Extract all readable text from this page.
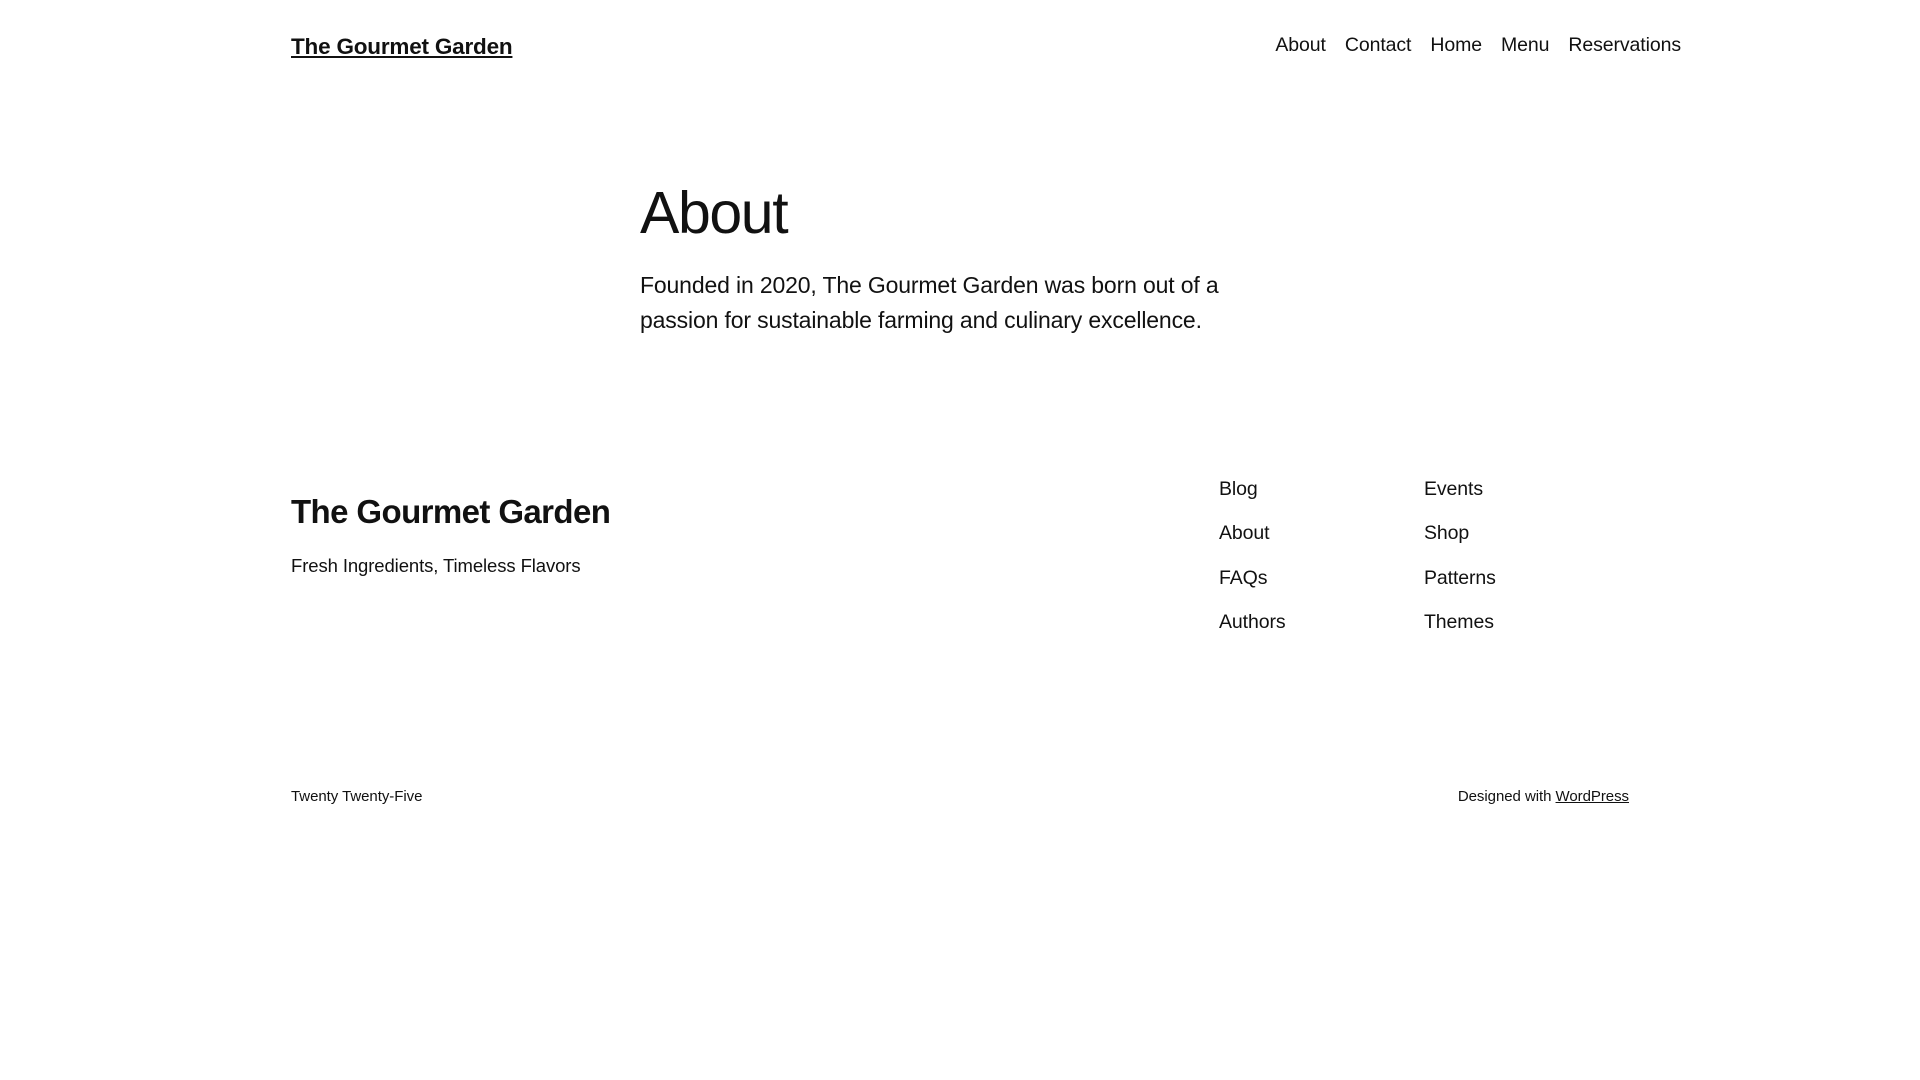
The Gourmet Garden	About Contact Home Menu Reservations
About

Founded in 2020, The Gourmet Garden was born out of a passion for sustainable farming and culinary excellence.

The Gourmet Garden

Fresh Ingredients, Timeless Flavors

Blog
About
FAQs
Authors
Events
Shop
Patterns
Themes
Twenty Twenty-Five	Designed with WordPress
